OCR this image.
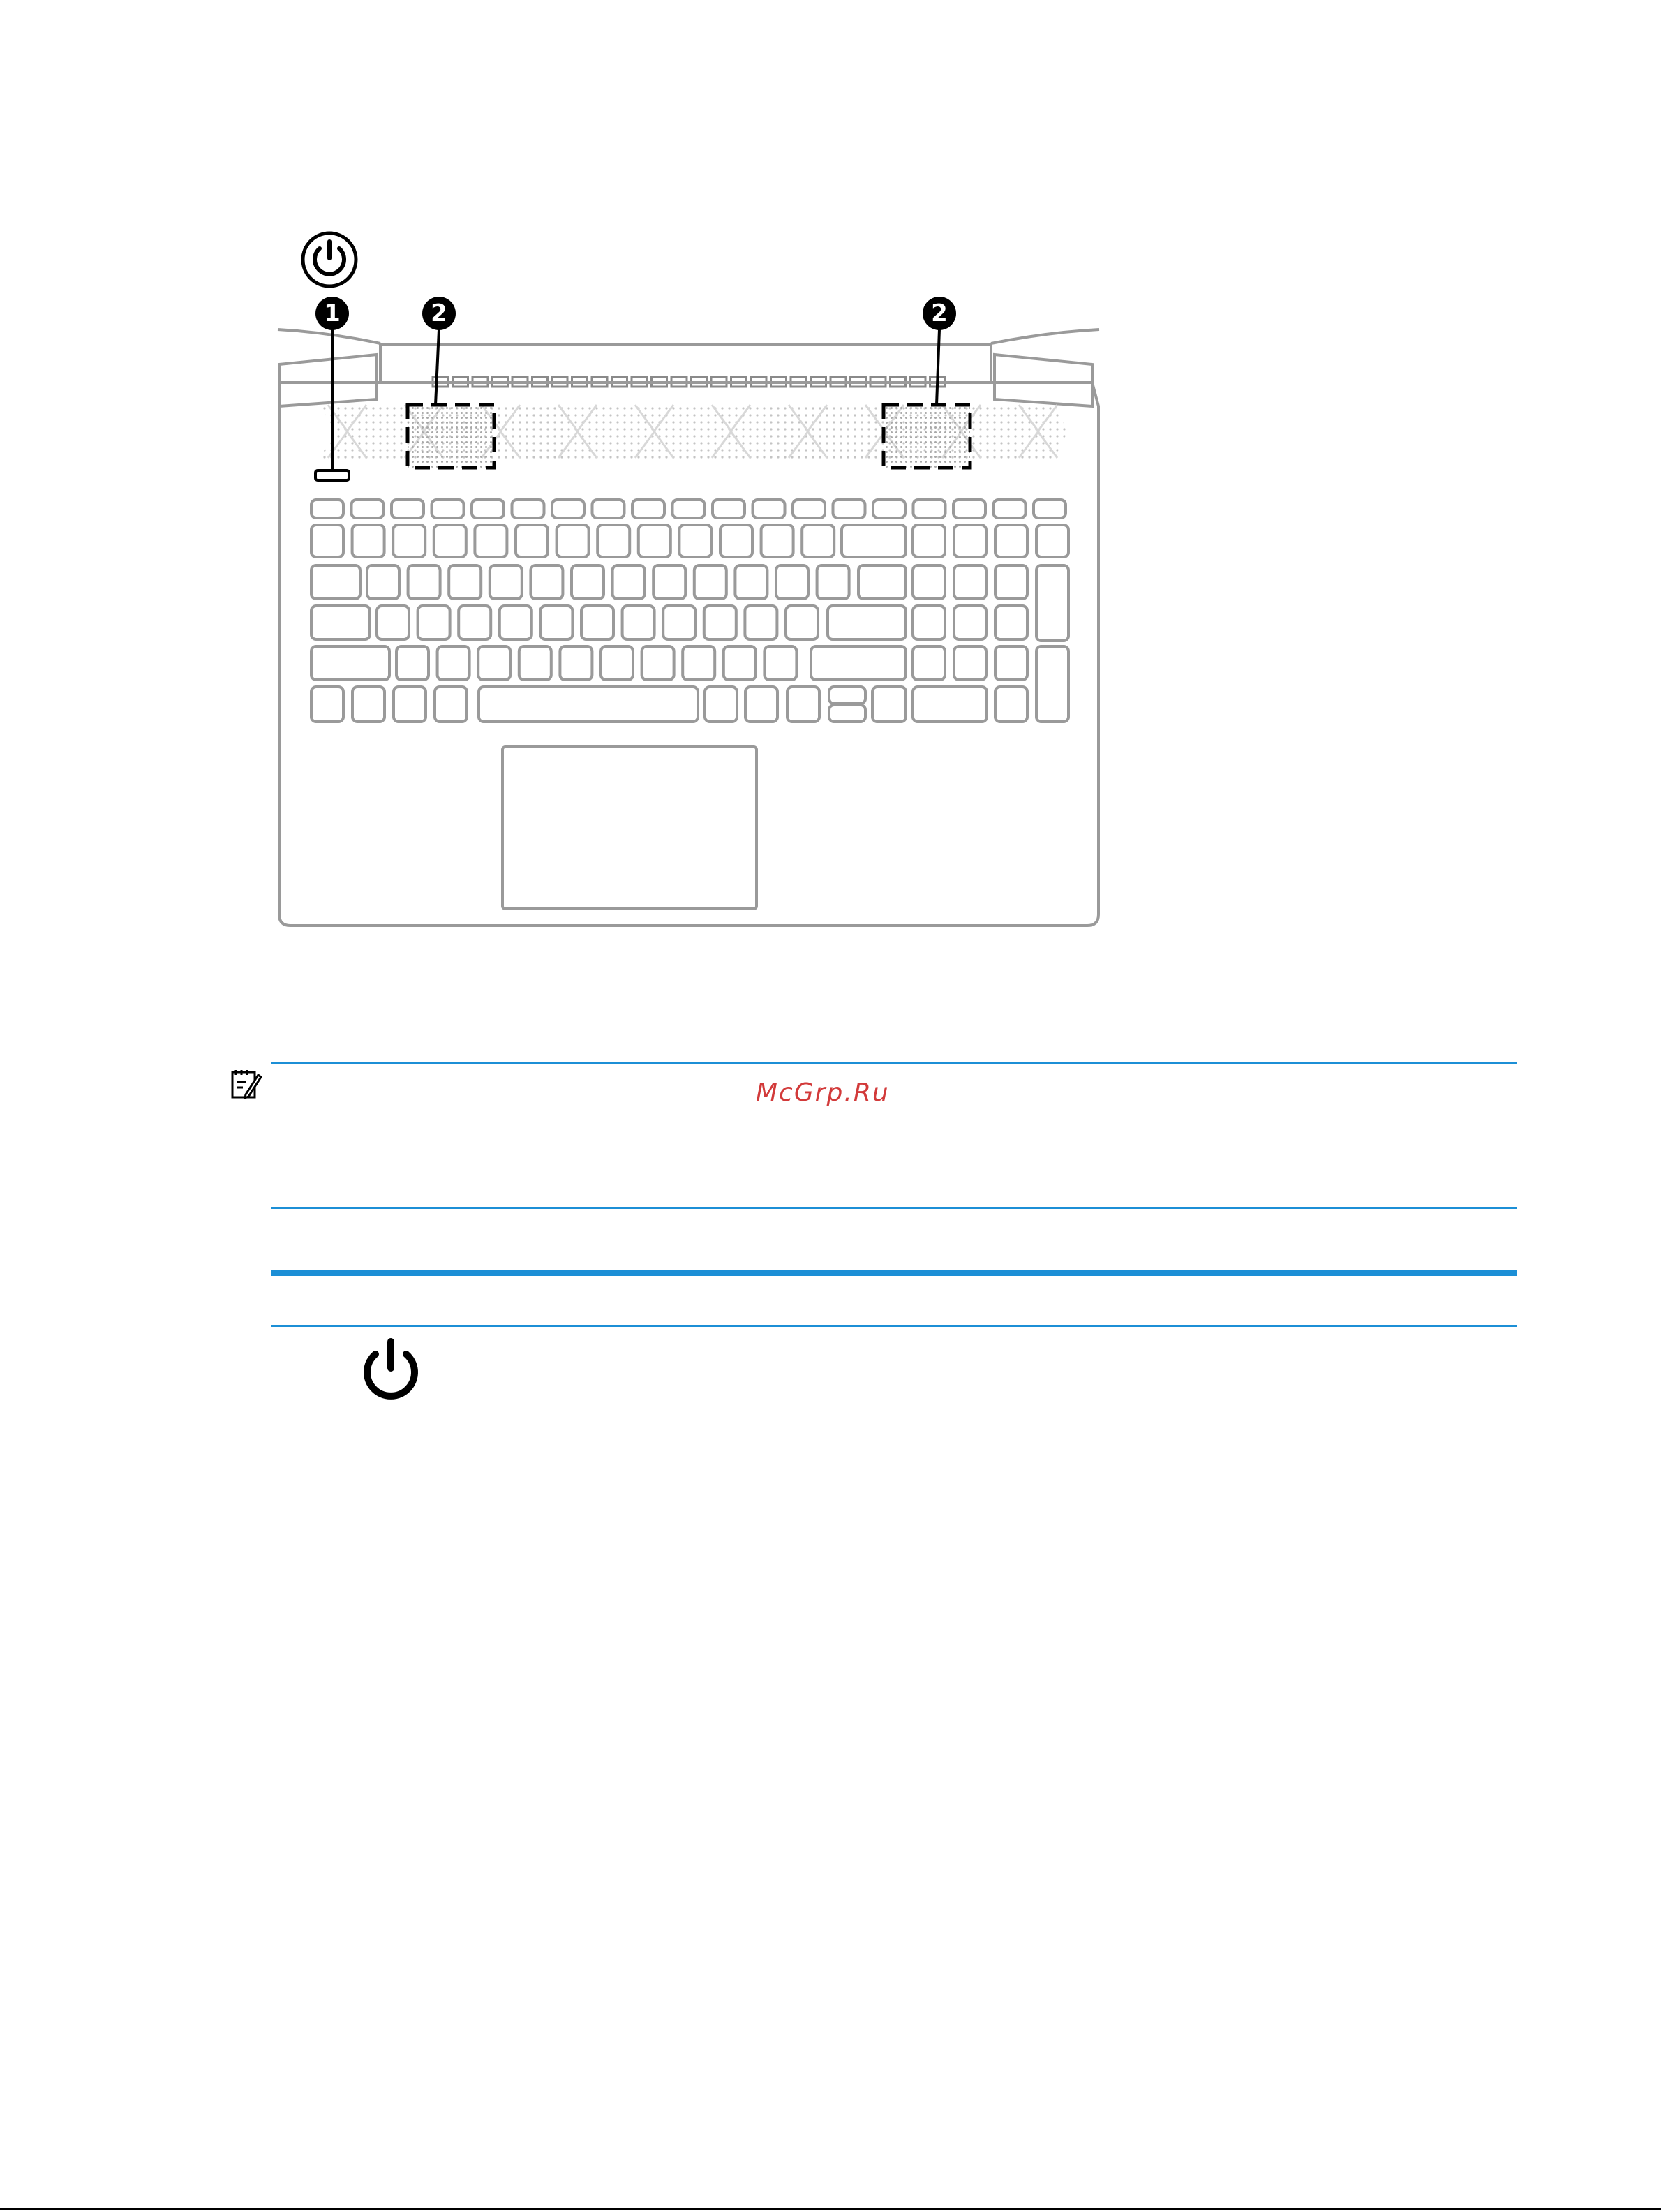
1	2	2
McGrp.Ru
